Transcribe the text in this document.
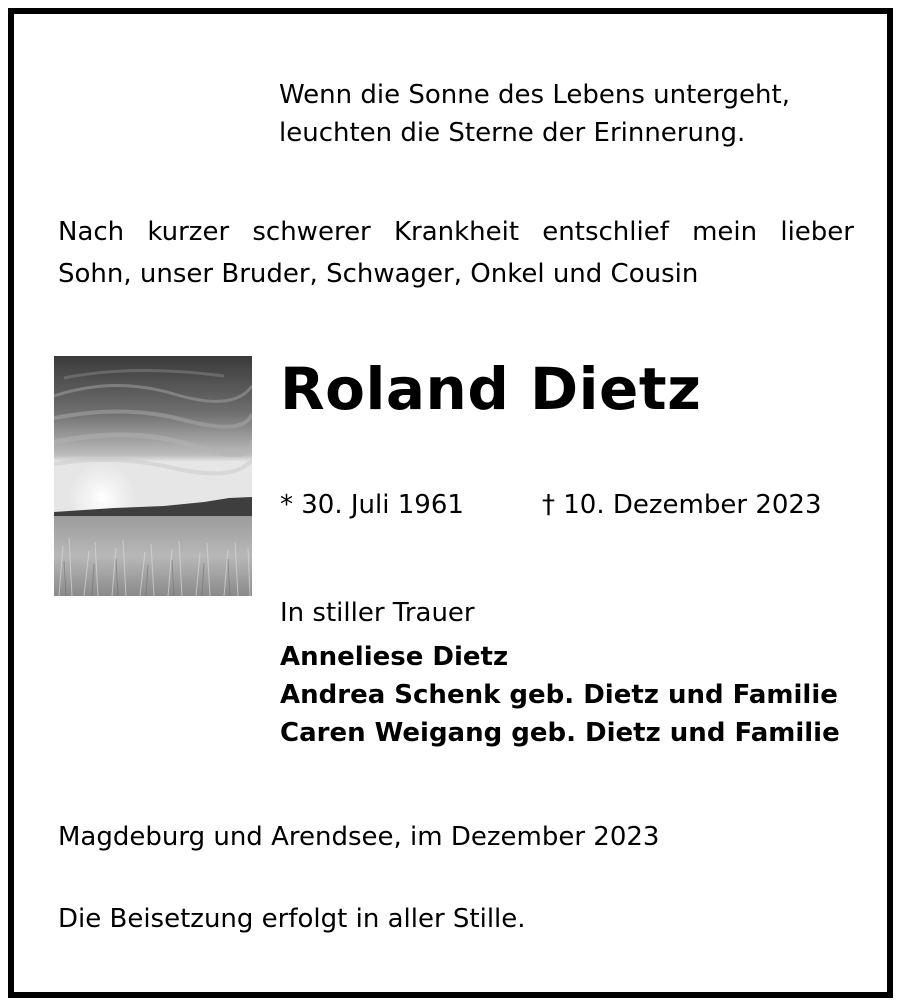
Wenn die Sonne des Lebens untergeht,
leuchten die Sterne der Erinnerung.
Nach kurzer schwerer Krankheit entschlief mein lieber
Sohn, unser Bruder, Schwager, Onkel und Cousin
Roland Dietz
* 30. Juli 1961	† 10. Dezember 2023
In stiller Trauer
Anneliese Dietz
Andrea Schenk geb. Dietz und Familie
Caren Weigang geb. Dietz und Familie
Magdeburg und Arendsee, im Dezember 2023
Die Beisetzung erfolgt in aller Stille.
